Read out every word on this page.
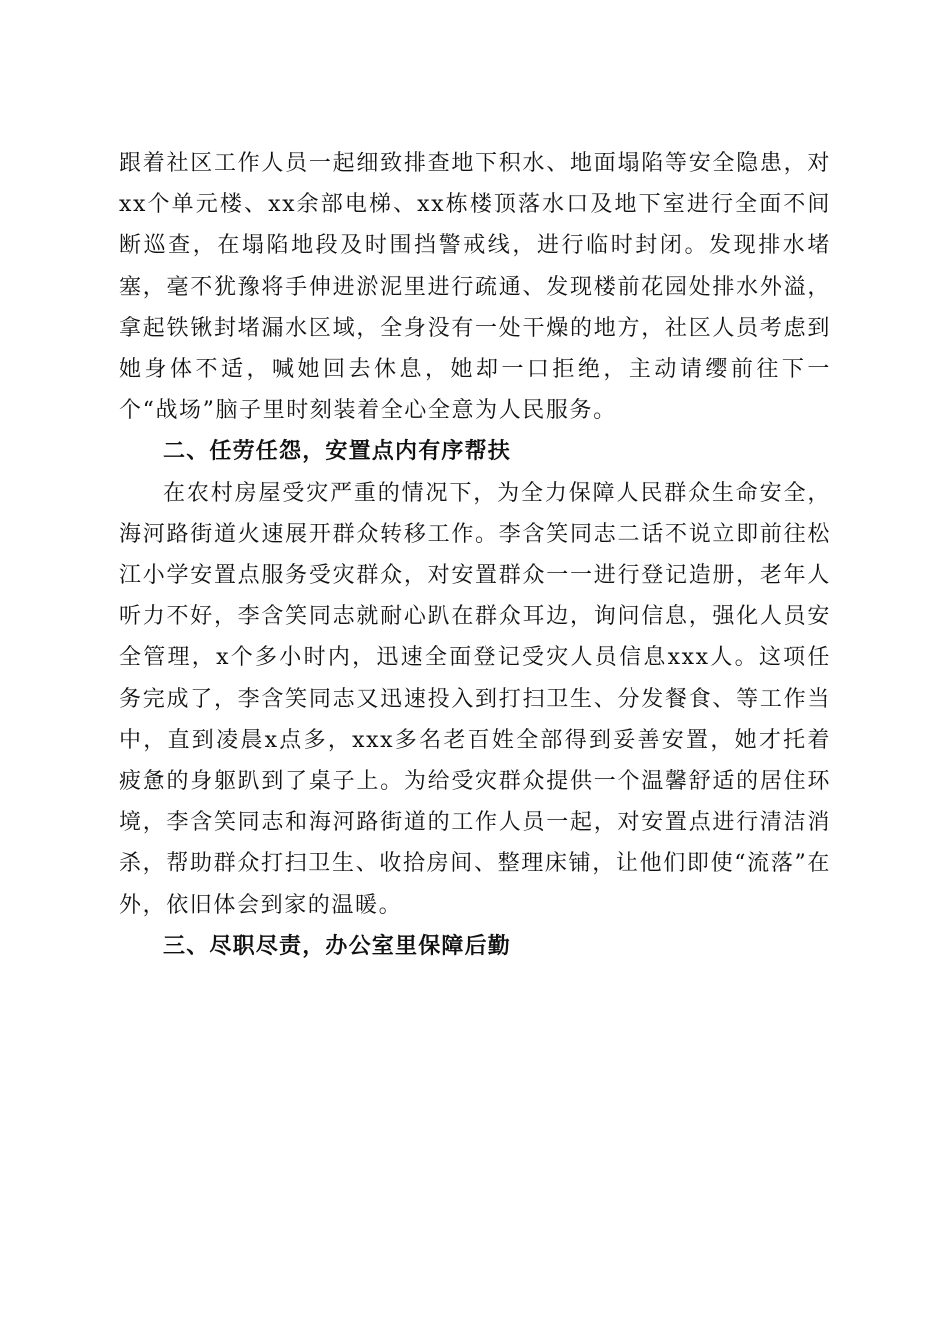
跟着社区工作人员一起细致排查地下积水、地面塌陷等安全隐患，对xx个单元楼、xx余部电梯、xx栋楼顶落水口及地下室进行全面不间断巡查，在塌陷地段及时围挡警戒线，进行临时封闭。发现排水堵塞，毫不犹豫将手伸进淤泥里进行疏通、发现楼前花园处排水外溢，拿起铁锹封堵漏水区域，全身没有一处干燥的地方，社区人员考虑到她身体不适，喊她回去休息，她却一口拒绝，主动请缨前往下一个“战场”脑子里时刻装着全心全意为人民服务。

二、任劳任怨，安置点内有序帮扶

在农村房屋受灾严重的情况下，为全力保障人民群众生命安全，海河路街道火速展开群众转移工作。李含笑同志二话不说立即前往松江小学安置点服务受灾群众，对安置群众一一进行登记造册，老年人听力不好，李含笑同志就耐心趴在群众耳边，询问信息，强化人员安全管理，x个多小时内，迅速全面登记受灾人员信息xxx人。这项任务完成了，李含笑同志又迅速投入到打扫卫生、分发餐食、等工作当中，直到凌晨x点多，xxx多名老百姓全部得到妥善安置，她才托着疲惫的身躯趴到了桌子上。为给受灾群众提供一个温馨舒适的居住环境，李含笑同志和海河路街道的工作人员一起，对安置点进行清洁消杀，帮助群众打扫卫生、收拾房间、整理床铺，让他们即使“流落”在外，依旧体会到家的温暖。

三、尽职尽责，办公室里保障后勤
